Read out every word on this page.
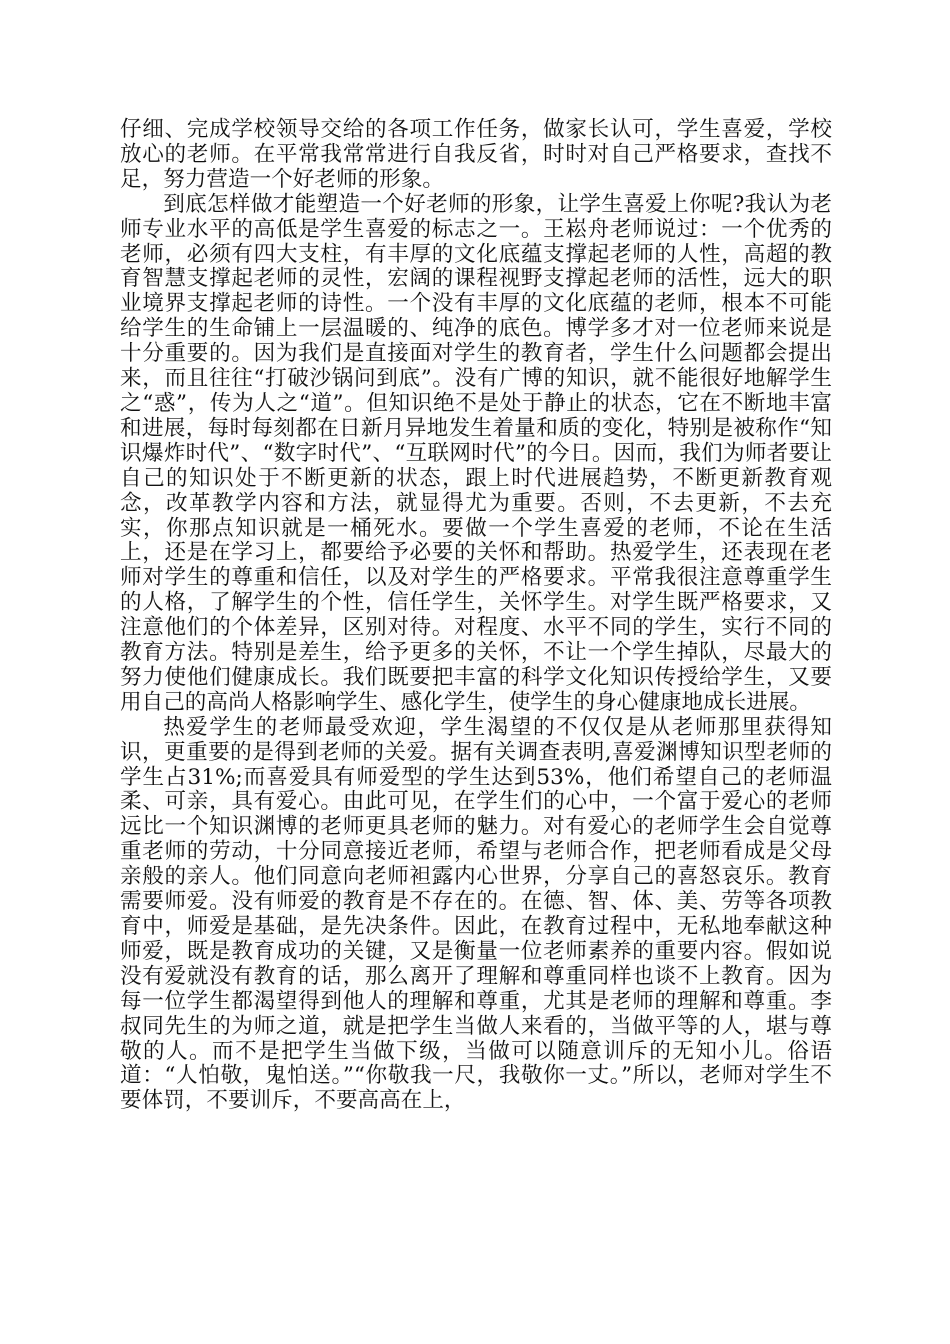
仔细、完成学校领导交给的各项工作任务，做家长认可，学生喜爱，学校放心的老师。在平常我常常进行自我反省，时时对自己严格要求，查找不足，努力营造一个好老师的形象。

到底怎样做才能塑造一个好老师的形象，让学生喜爱上你呢?我认为老师专业水平的高低是学生喜爱的标志之一。王崧舟老师说过：一个优秀的老师，必须有四大支柱，有丰厚的文化底蕴支撑起老师的人性，高超的教育智慧支撑起老师的灵性，宏阔的课程视野支撑起老师的活性，远大的职业境界支撑起老师的诗性。一个没有丰厚的文化底蕴的老师，根本不可能给学生的生命铺上一层温暖的、纯净的底色。博学多才对一位老师来说是十分重要的。因为我们是直接面对学生的教育者，学生什么问题都会提出来，而且往往“打破沙锅问到底”。没有广博的知识，就不能很好地解学生之“惑”，传为人之“道”。但知识绝不是处于静止的状态，它在不断地丰富和进展，每时每刻都在日新月异地发生着量和质的变化，特别是被称作“知识爆炸时代”、“数字时代”、“互联网时代”的今日。因而，我们为师者要让自己的知识处于不断更新的状态，跟上时代进展趋势，不断更新教育观念，改革教学内容和方法，就显得尤为重要。否则，不去更新，不去充实，你那点知识就是一桶死水。要做一个学生喜爱的老师，不论在生活上，还是在学习上，都要给予必要的关怀和帮助。热爱学生，还表现在老师对学生的尊重和信任，以及对学生的严格要求。平常我很注意尊重学生的人格，了解学生的个性，信任学生，关怀学生。对学生既严格要求，又注意他们的个体差异，区别对待。对程度、水平不同的学生，实行不同的教育方法。特别是差生，给予更多的关怀，不让一个学生掉队，尽最大的努力使他们健康成长。我们既要把丰富的科学文化知识传授给学生，又要用自己的高尚人格影响学生、感化学生，使学生的身心健康地成长进展。

热爱学生的老师最受欢迎，学生渴望的不仅仅是从老师那里获得知识，更重要的是得到老师的关爱。据有关调查表明,喜爱渊博知识型老师的学生占31%;而喜爱具有师爱型的学生达到53%，他们希望自己的老师温柔、可亲，具有爱心。由此可见，在学生们的心中，一个富于爱心的老师远比一个知识渊博的老师更具老师的魅力。对有爱心的老师学生会自觉尊重老师的劳动，十分同意接近老师，希望与老师合作，把老师看成是父母亲般的亲人。他们同意向老师袒露内心世界，分享自己的喜怒哀乐。教育需要师爱。没有师爱的教育是不存在的。在德、智、体、美、劳等各项教育中，师爱是基础，是先决条件。因此，在教育过程中，无私地奉献这种师爱，既是教育成功的关键，又是衡量一位老师素养的重要内容。假如说没有爱就没有教育的话，那么离开了理解和尊重同样也谈不上教育。因为每一位学生都渴望得到他人的理解和尊重，尤其是老师的理解和尊重。李叔同先生的为师之道，就是把学生当做人来看的，当做平等的人，堪与尊敬的人。而不是把学生当做下级，当做可以随意训斥的无知小儿。俗语道：“人怕敬，鬼怕送。”“你敬我一尺，我敬你一丈。”所以，老师对学生不要体罚，不要训斥，不要高高在上，
